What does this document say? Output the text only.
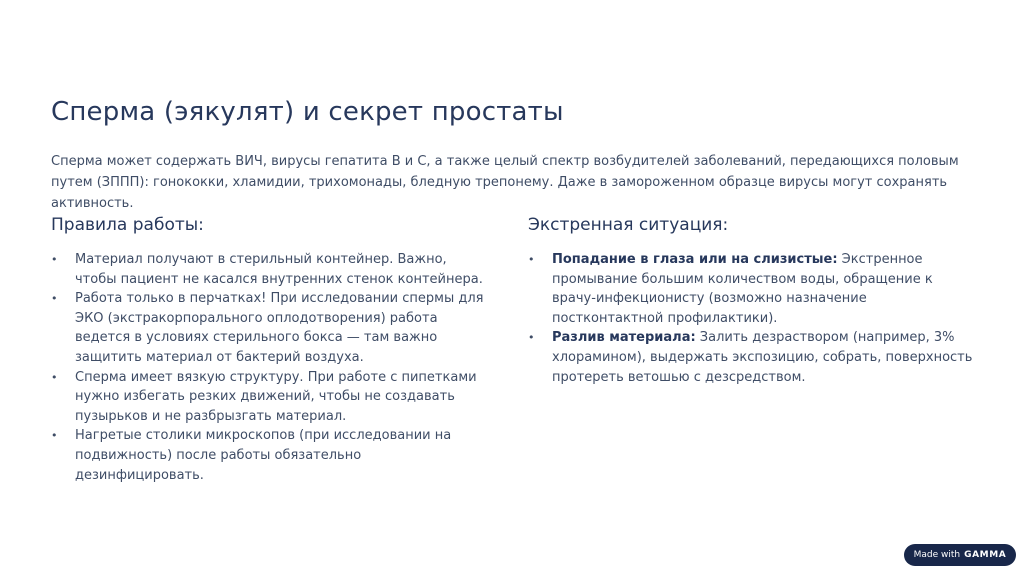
Сперма (эякулят) и секрет простаты

Сперма может содержать ВИЧ, вирусы гепатита В и С, а также целый спектр возбудителей заболеваний, передающихся половым путем (ЗППП): гонококки, хламидии, трихомонады, бледную трепонему. Даже в замороженном образце вирусы могут сохранять активность.

Правила работы:
• Материал получают в стерильный контейнер. Важно, чтобы пациент не касался внутренних стенок контейнера.
• Работа только в перчатках! При исследовании спермы для ЭКО (экстракорпорального оплодотворения) работа ведется в условиях стерильного бокса — там важно защитить материал от бактерий воздуха.
• Сперма имеет вязкую структуру. При работе с пипетками нужно избегать резких движений, чтобы не создавать пузырьков и не разбрызгать материал.
• Нагретые столики микроскопов (при исследовании на подвижность) после работы обязательно дезинфицировать.
Экстренная ситуация:
• Попадание в глаза или на слизистые: Экстренное промывание большим количеством воды, обращение к врачу-инфекционисту (возможно назначение постконтактной профилактики).
• Разлив материала: Залить дезраствором (например, 3% хлорамином), выдержать экспозицию, собрать, поверхность протереть ветошью с дезсредством.
Made with GAMMA
